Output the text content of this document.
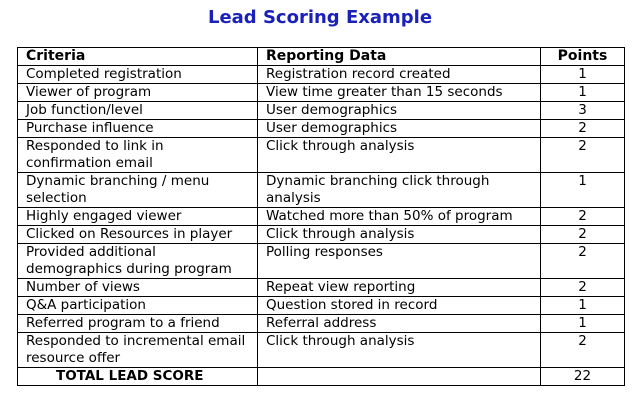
Lead Scoring Example
Criteria	Reporting Data	Points
Completed registration	Registration record created	1
Viewer of program	View time greater than 15 seconds	1
Job function/level	User demographics	3
Purchase influence	User demographics	2
Responded to link in confirmation email	Click through analysis	2
Dynamic branching / menu selection	Dynamic branching click through analysis	1
Highly engaged viewer	Watched more than 50% of program	2
Clicked on Resources in player	Click through analysis	2
Provided additional demographics during program	Polling responses	2
Number of views	Repeat view reporting	2
Q&A participation	Question stored in record	1
Referred program to a friend	Referral address	1
Responded to incremental email resource offer	Click through analysis	2
TOTAL LEAD SCORE		22
